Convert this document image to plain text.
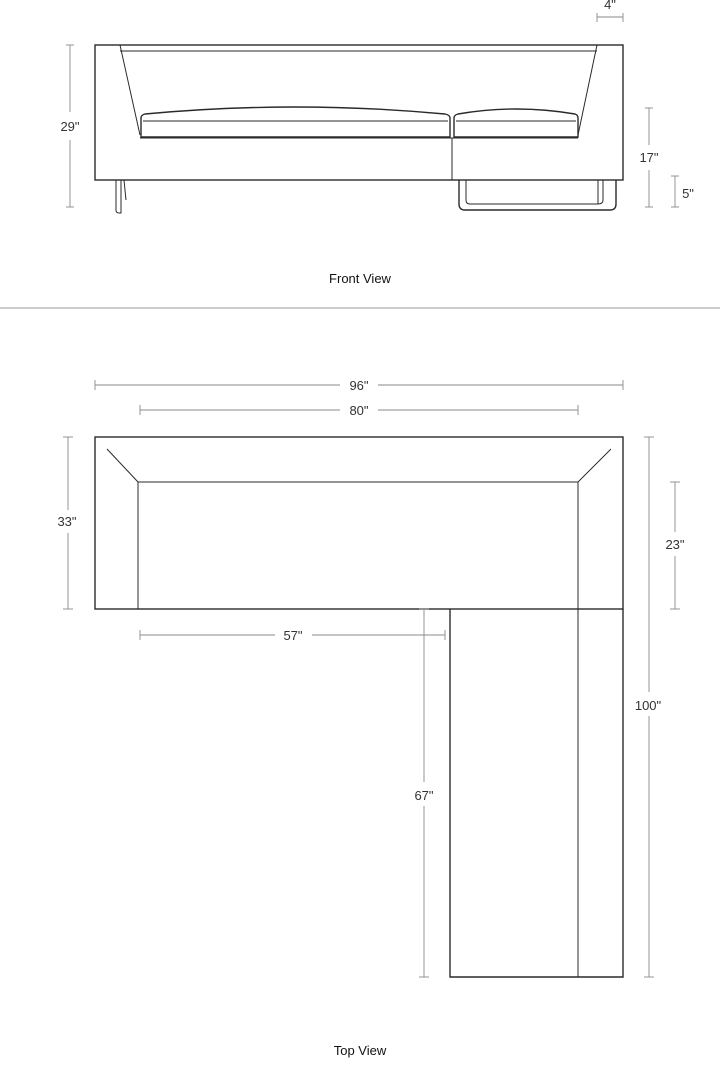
4"
29"
17"
5"
Front View
96"
80"
33"
23"
57"
67"
100"
Top View
